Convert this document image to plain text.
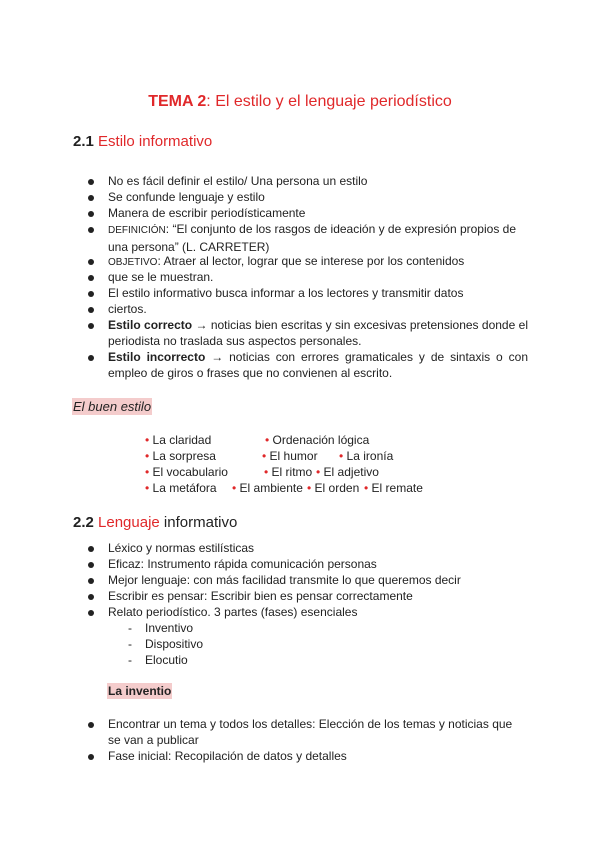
TEMA 2: El estilo y el lenguaje periodístico
2.1 Estilo informativo
No es fácil definir el estilo/ Una persona un estilo
Se confunde lenguaje y estilo
Manera de escribir periodísticamente
DEFINICIÓN: “El conjunto de los rasgos de ideación y de expresión propios de una persona” (L. CARRETER)
OBJETIVO: Atraer al lector, lograr que se interese por los contenidos
que se le muestran.
El estilo informativo busca informar a los lectores y transmitir datos
ciertos.
Estilo correcto → noticias bien escritas y sin excesivas pretensiones donde el periodista no traslada sus aspectos personales.
Estilo incorrecto → noticias con errores gramaticales y de sintaxis o con empleo de giros o frases que no convienen al escrito.
El buen estilo
• La claridad	• Ordenación lógica
• La sorpresa	• El humor • La ironía
• El vocabulario	• El ritmo • El adjetivo
• La metáfora • El ambiente • El orden • El remate
2.2 Lenguaje informativo
Léxico y normas estilísticas
Eficaz: Instrumento rápida comunicación personas
Mejor lenguaje: con más facilidad transmite lo que queremos decir
Escribir es pensar: Escribir bien es pensar correctamente
Relato periodístico. 3 partes (fases) esenciales
- Inventivo
- Dispositivo
- Elocutio
La inventio
Encontrar un tema y todos los detalles: Elección de los temas y noticias que se van a publicar
Fase inicial: Recopilación de datos y detalles
